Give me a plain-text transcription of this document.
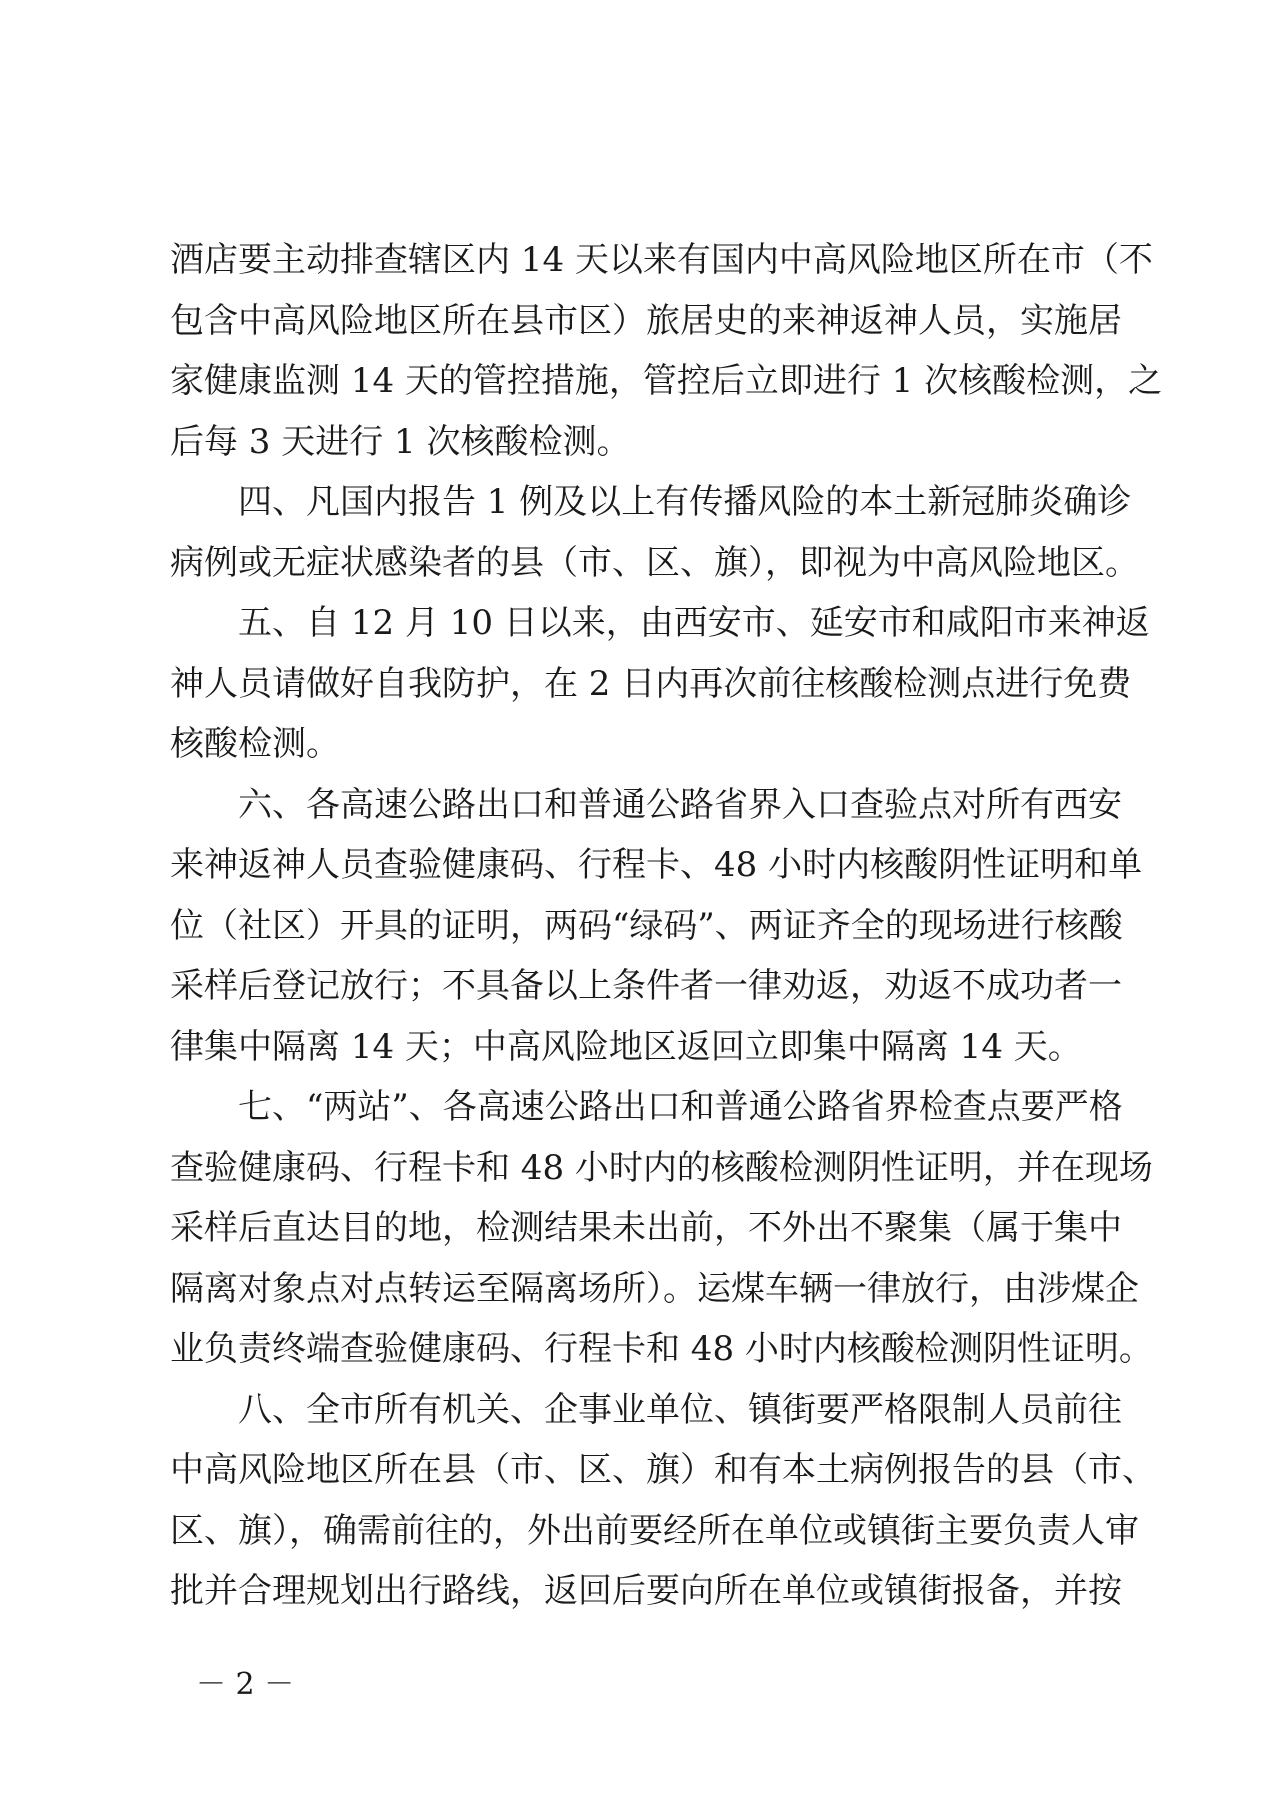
酒店要主动排查辖区内 14 天以来有国内中高风险地区所在市（不
包含中高风险地区所在县市区）旅居史的来神返神人员，实施居
家健康监测 14 天的管控措施，管控后立即进行 1 次核酸检测，之
后每 3 天进行 1 次核酸检测。
四、凡国内报告 1 例及以上有传播风险的本土新冠肺炎确诊
病例或无症状感染者的县（市、区、旗），即视为中高风险地区。
五、自 12 月 10 日以来，由西安市、延安市和咸阳市来神返
神人员请做好自我防护，在 2 日内再次前往核酸检测点进行免费
核酸检测。
六、各高速公路出口和普通公路省界入口查验点对所有西安
来神返神人员查验健康码、行程卡、48 小时内核酸阴性证明和单
位（社区）开具的证明，两码“绿码”、两证齐全的现场进行核酸
采样后登记放行；不具备以上条件者一律劝返，劝返不成功者一
律集中隔离 14 天；中高风险地区返回立即集中隔离 14 天。
七、“两站”、各高速公路出口和普通公路省界检查点要严格
查验健康码、行程卡和 48 小时内的核酸检测阴性证明，并在现场
采样后直达目的地，检测结果未出前，不外出不聚集（属于集中
隔离对象点对点转运至隔离场所）。运煤车辆一律放行，由涉煤企
业负责终端查验健康码、行程卡和 48 小时内核酸检测阴性证明。
八、全市所有机关、企事业单位、镇街要严格限制人员前往
中高风险地区所在县（市、区、旗）和有本土病例报告的县（市、
区、旗），确需前往的，外出前要经所在单位或镇街主要负责人审
批并合理规划出行路线，返回后要向所在单位或镇街报备，并按
－ 2 －
